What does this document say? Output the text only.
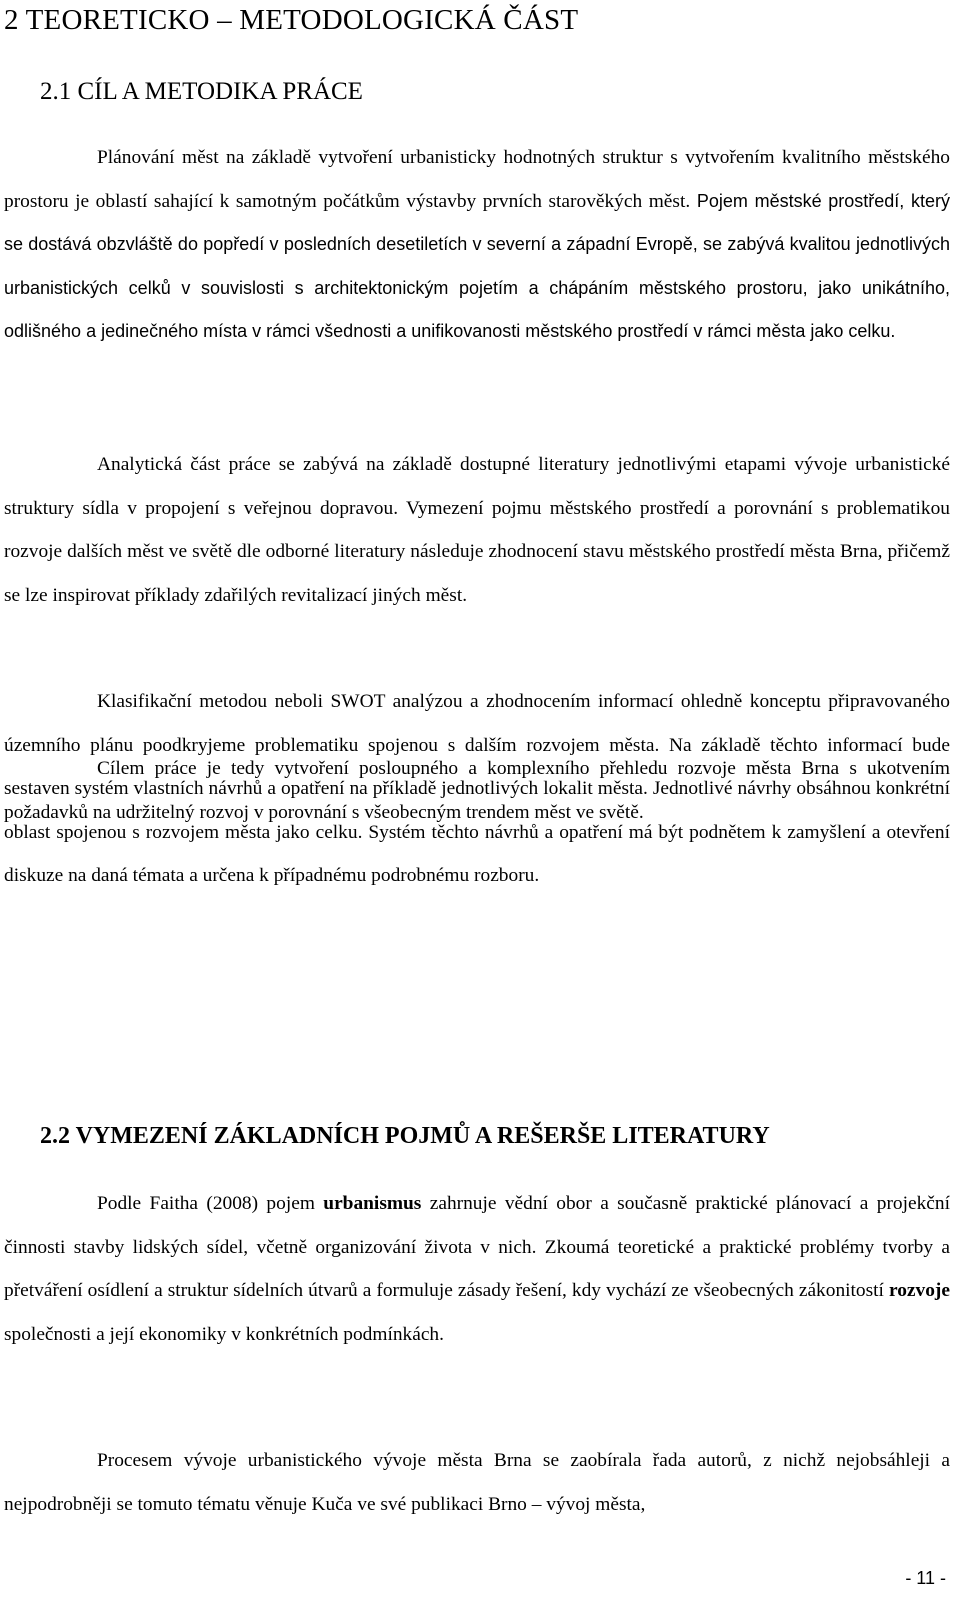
2 TEORETICKO – METODOLOGICKÁ ČÁST
2.1 CÍL A METODIKA PRÁCE

Plánování měst na základě vytvoření urbanisticky hodnotných struktur s vytvořením kvalitního městského prostoru je oblastí sahající k samotným počátkům výstavby prvních starověkých měst. Pojem městské prostředí, který se dostává obzvláště do popředí v posledních desetiletích v severní a západní Evropě, se zabývá kvalitou jednotlivých urbanistických celků v souvislosti s architektonickým pojetím a chápáním městského prostoru, jako unikátního, odlišného a jedinečného místa v rámci všednosti a unifikovanosti městského prostředí v rámci města jako celku.

Analytická část práce se zabývá na základě dostupné literatury jednotlivými etapami vývoje urbanistické struktury sídla v propojení s veřejnou dopravou. Vymezení pojmu městského prostředí a porovnání s problematikou rozvoje dalších měst ve světě dle odborné literatury následuje zhodnocení stavu městského prostředí města Brna, přičemž se lze inspirovat příklady zdařilých revitalizací jiných měst.

Klasifikační metodou neboli SWOT analýzou a zhodnocením informací ohledně konceptu připravovaného územního plánu poodkryjeme problematiku spojenou s dalším rozvojem města. Na základě těchto informací bude sestaven systém vlastních návrhů a opatření na příkladě jednotlivých lokalit města. Jednotlivé návrhy obsáhnou konkrétní oblast spojenou s rozvojem města jako celku. Systém těchto návrhů a opatření má být podnětem k zamyšlení a otevření diskuze na daná témata a určena k případnému podrobnému rozboru.

Cílem práce je tedy vytvoření posloupného a komplexního přehledu rozvoje města Brna s ukotvením požadavků na udržitelný rozvoj v porovnání s všeobecným trendem měst ve světě.

2.2 VYMEZENÍ ZÁKLADNÍCH POJMŮ A REŠERŠE LITERATURY

Podle Faitha (2008) pojem urbanismus zahrnuje vědní obor a současně praktické plánovací a projekční činnosti stavby lidských sídel, včetně organizování života v nich. Zkoumá teoretické a praktické problémy tvorby a přetváření osídlení a struktur sídelních útvarů a formuluje zásady řešení, kdy vychází ze všeobecných zákonitostí rozvoje společnosti a její ekonomiky v konkrétních podmínkách.

Procesem vývoje urbanistického vývoje města Brna se zaobírala řada autorů, z nichž nejobsáhleji a nejpodrobněji se tomuto tématu věnuje Kuča ve své publikaci Brno – vývoj města,

- 11 -
